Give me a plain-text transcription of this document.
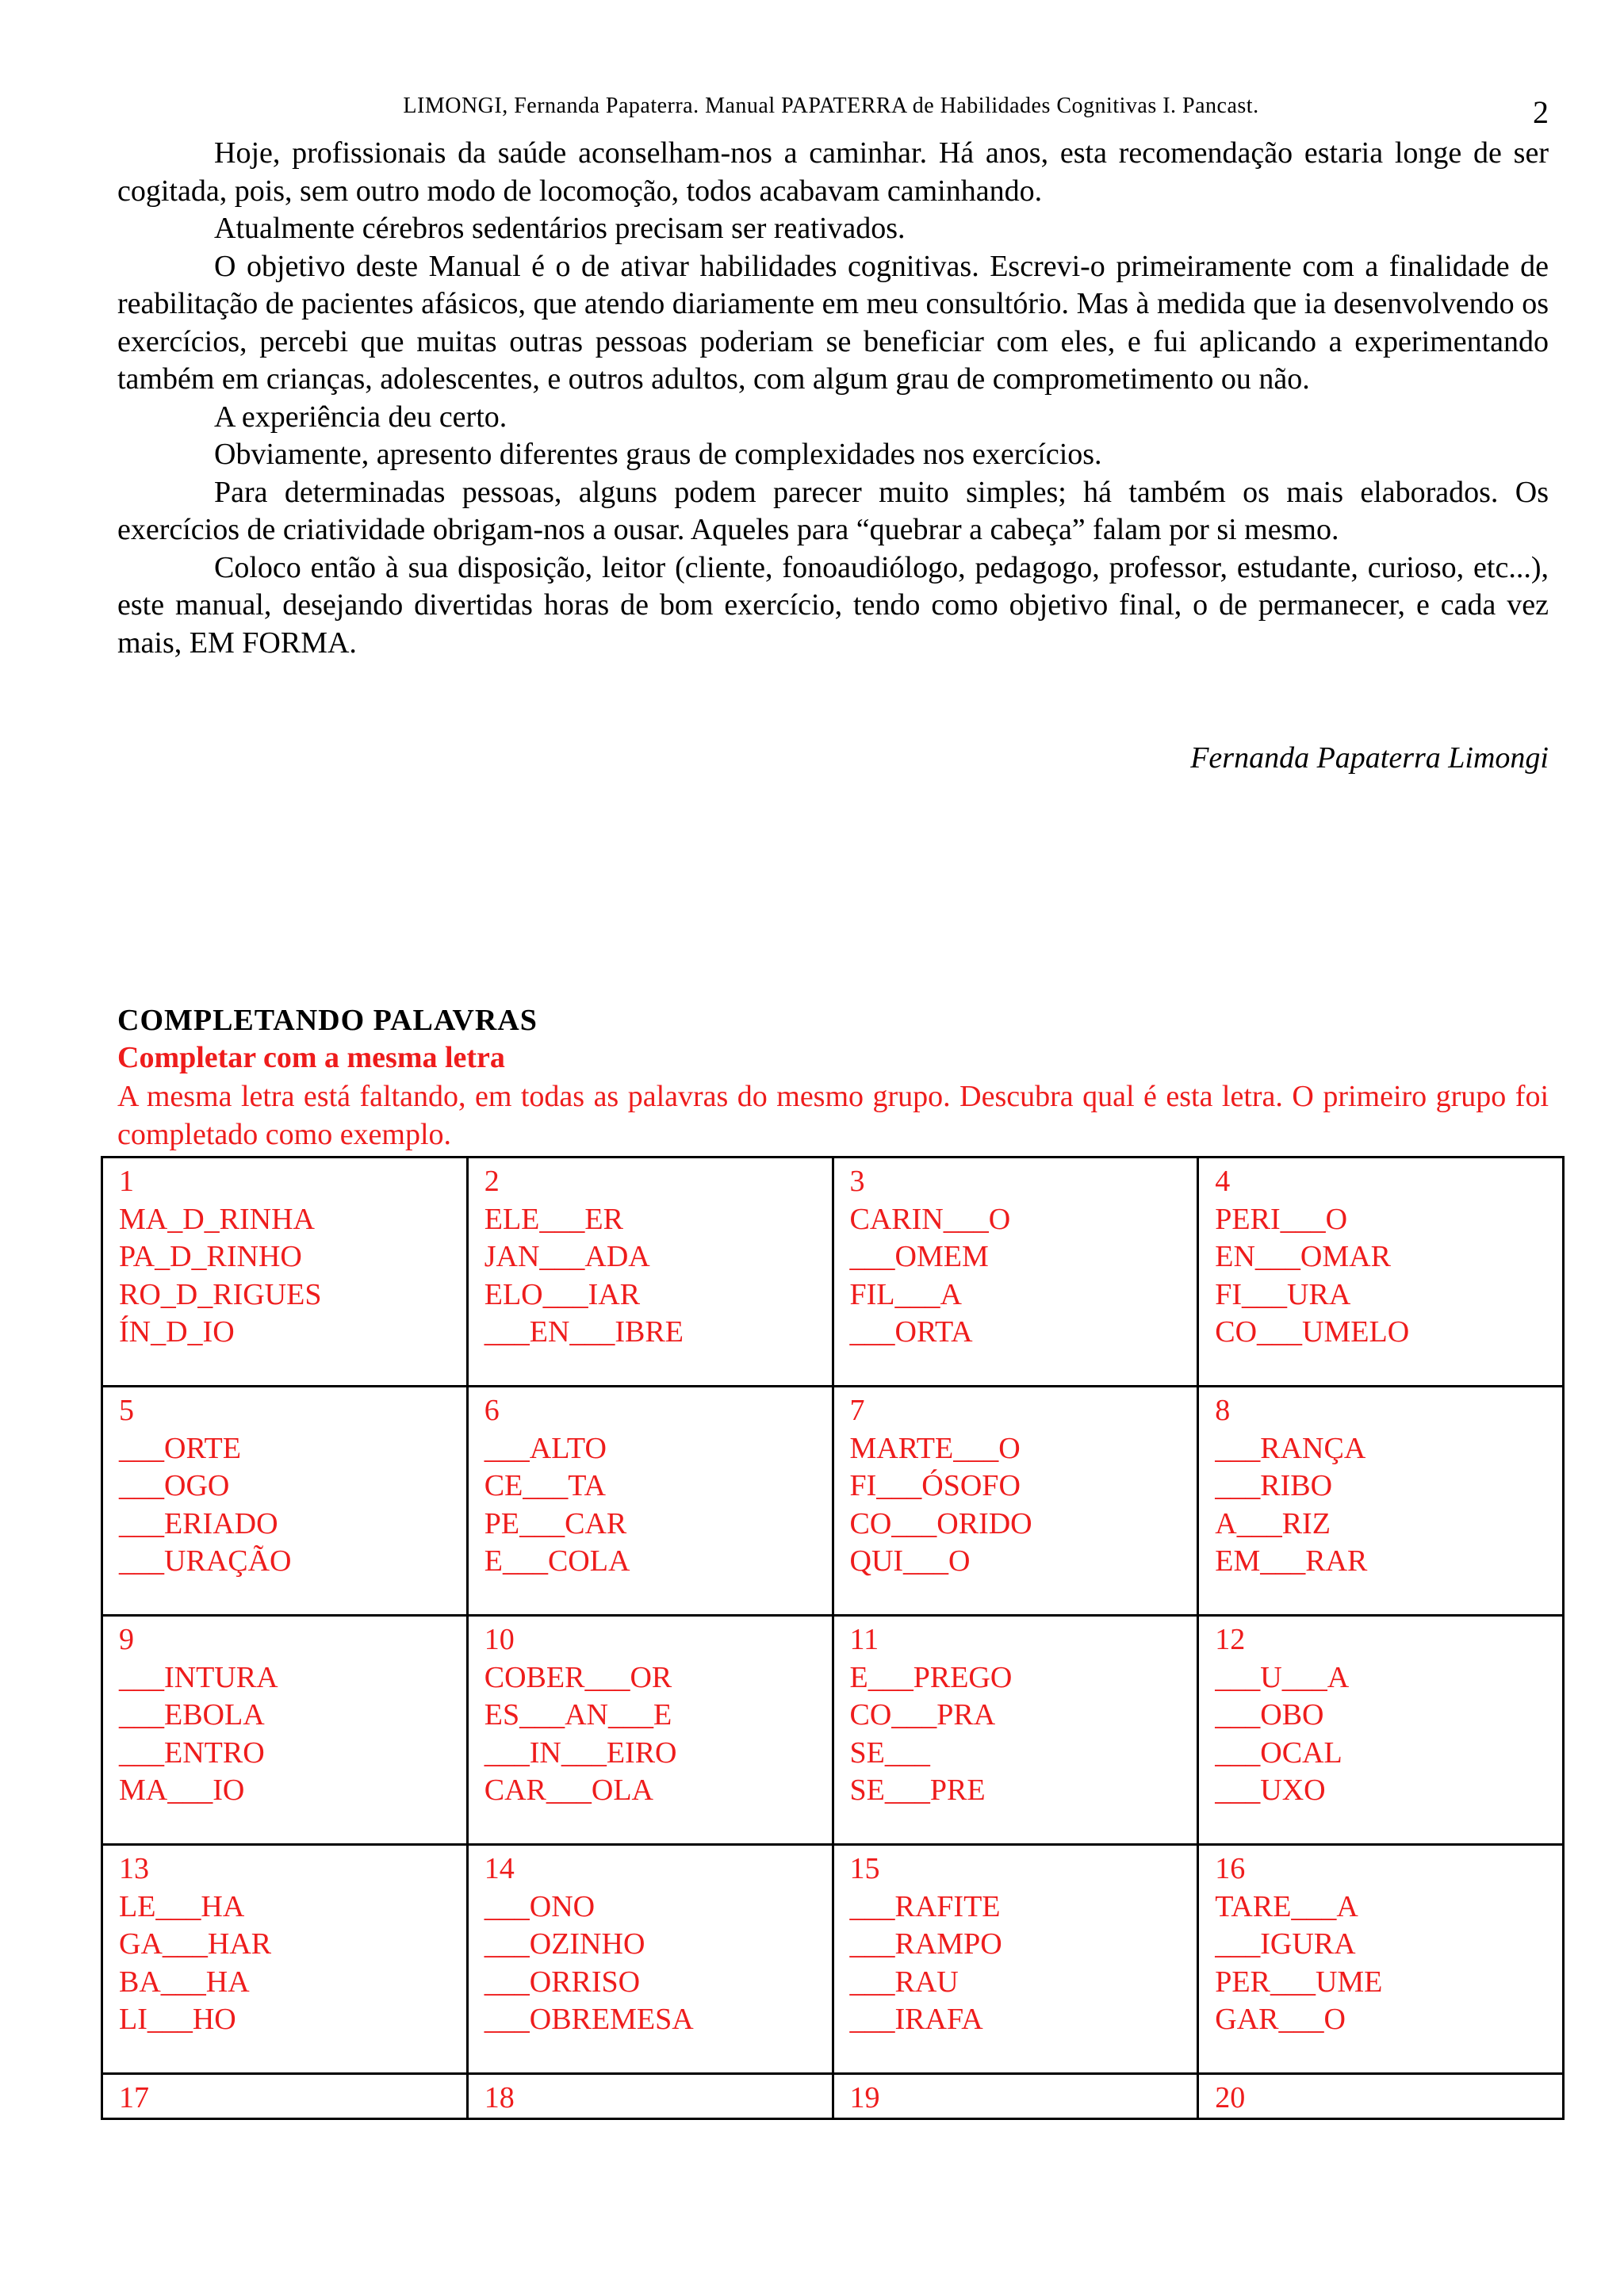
LIMONGI, Fernanda Papaterra. Manual PAPATERRA de Habilidades Cognitivas I. Pancast.	2

Hoje, profissionais da saúde aconselham-nos a caminhar. Há anos, esta recomendação estaria longe de ser cogitada, pois, sem outro modo de locomoção, todos acabavam caminhando.

Atualmente cérebros sedentários precisam ser reativados.

O objetivo deste Manual é o de ativar habilidades cognitivas. Escrevi-o primeiramente com a finalidade de reabilitação de pacientes afásicos, que atendo diariamente em meu consultório. Mas à medida que ia desenvolvendo os exercícios, percebi que muitas outras pessoas poderiam se beneficiar com eles, e fui aplicando a experimentando também em crianças, adolescentes, e outros adultos, com algum grau de comprometimento ou não.

A experiência deu certo.

Obviamente, apresento diferentes graus de complexidades nos exercícios.

Para determinadas pessoas, alguns podem parecer muito simples; há também os mais elaborados. Os exercícios de criatividade obrigam-nos a ousar. Aqueles para “quebrar a cabeça” falam por si mesmo.

Coloco então à sua disposição, leitor (cliente, fonoaudiólogo, pedagogo, professor, estudante, curioso, etc...), este manual, desejando divertidas horas de bom exercício, tendo como objetivo final, o de permanecer, e cada vez mais, EM FORMA.

Fernanda Papaterra Limongi
COMPLETANDO PALAVRAS
Completar com a mesma letra
A mesma letra está faltando, em todas as palavras do mesmo grupo. Descubra qual é esta letra. O primeiro grupo foi completado como exemplo.
1
MA_D_RINHA
PA_D_RINHO
RO_D_RIGUES
ÍN_D_IO	2
ELE___ER
JAN___ADA
ELO___IAR
___EN___IBRE	3
CARIN___O
___OMEM
FIL___A
___ORTA	4
PERI___O
EN___OMAR
FI___URA
CO___UMELO

5
___ORTE
___OGO
___ERIADO
___URAÇÃO	6
___ALTO
CE___TA
PE___CAR
E___COLA	7
MARTE___O
FI___ÓSOFO
CO___ORIDO
QUI___O	8
___RANÇA
___RIBO
A___RIZ
EM___RAR

9
___INTURA
___EBOLA
___ENTRO
MA___IO	10
COBER___OR
ES___AN___E
___IN___EIRO
CAR___OLA	11
E___PREGO
CO___PRA
SE___
SE___PRE	12
___U___A
___OBO
___OCAL
___UXO

13
LE___HA
GA___HAR
BA___HA
LI___HO	14
___ONO
___OZINHO
___ORRISO
___OBREMESA	15
___RAFITE
___RAMPO
___RAU
___IRAFA	16
TARE___A
___IGURA
PER___UME
GAR___O

17	18	19	20
